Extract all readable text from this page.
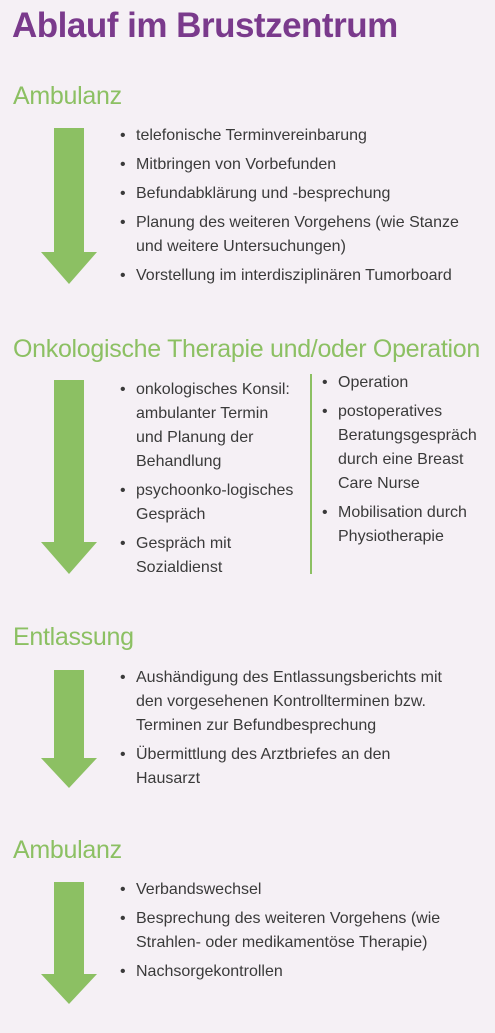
Ablauf im Brustzentrum
Ambulanz
• telefonische Terminvereinbarung
• Mitbringen von Vorbefunden
• Befundabklärung und -besprechung
• Planung des weiteren Vorgehens (wie Stanze und weitere Untersuchungen)
• Vorstellung im interdisziplinären Tumorboard
Onkologische Therapie und/oder Operation
• onkologisches Konsil: ambulanter Termin und Planung der Behandlung
• psychoonko-logisches Gespräch
• Gespräch mit Sozialdienst
• Operation
• postoperatives Beratungsgespräch durch eine Breast Care Nurse
• Mobilisation durch Physiotherapie
Entlassung
• Aushändigung des Entlassungsberichts mit den vorgesehenen Kontrollterminen bzw. Terminen zur Befundbesprechung
• Übermittlung des Arztbriefes an den Hausarzt
Ambulanz
• Verbandswechsel
• Besprechung des weiteren Vorgehens (wie Strahlen- oder medikamentöse Therapie)
• Nachsorgekontrollen
